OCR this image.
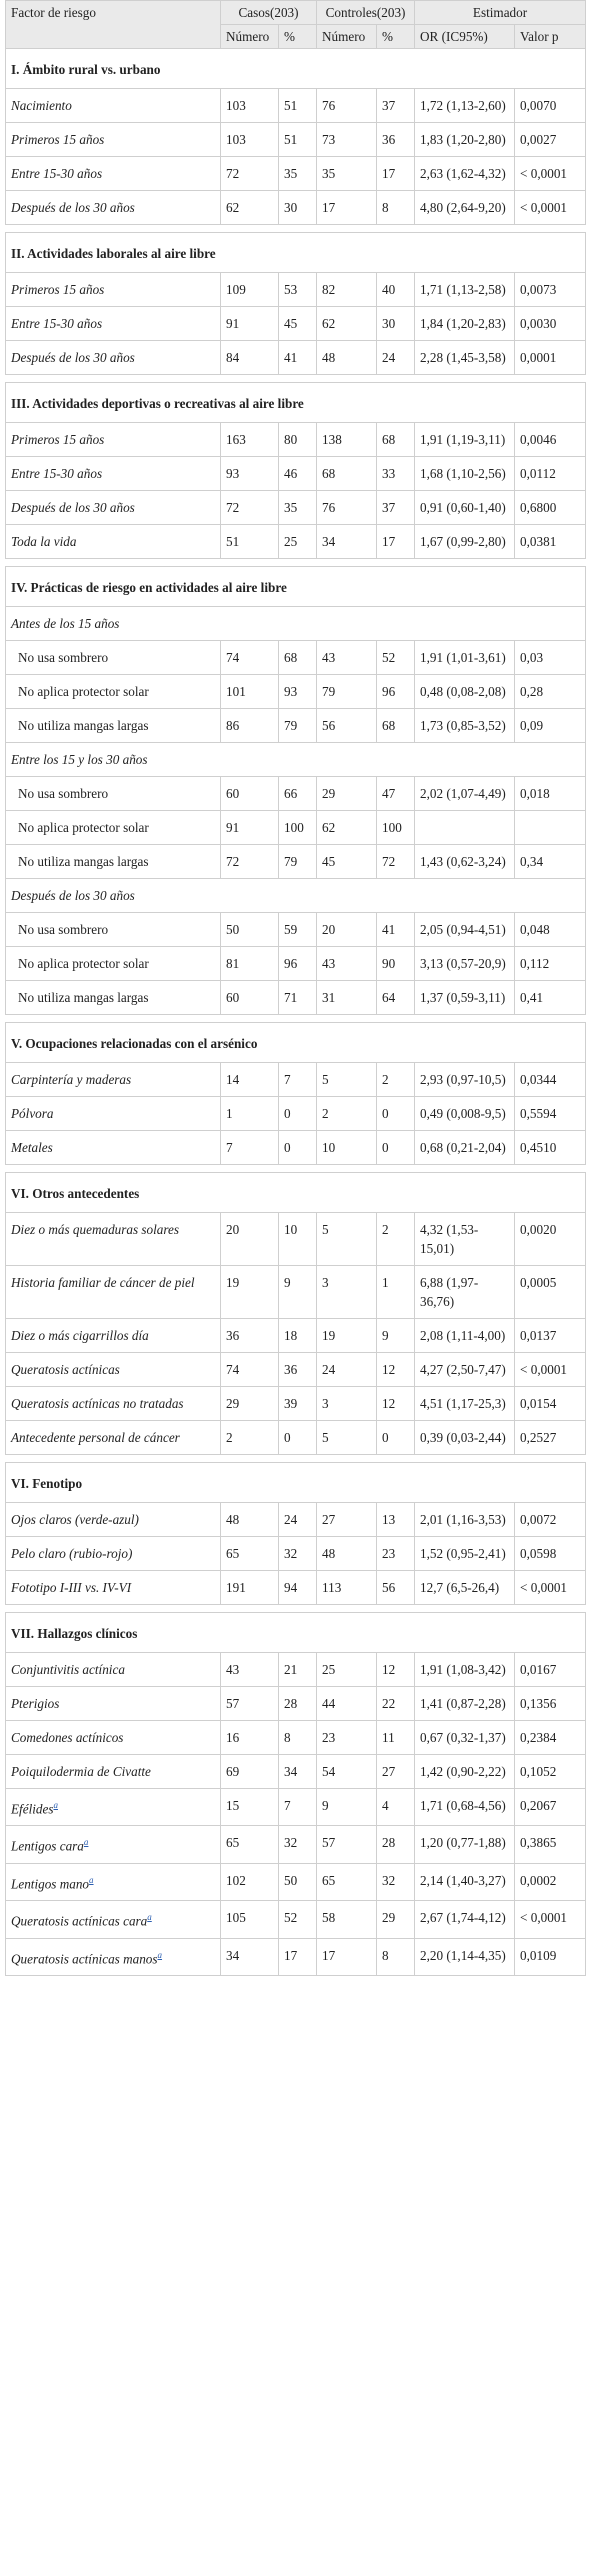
Factor de riesgo	Casos(203)		Controles(203)		Estimador	
	Número	%	Número	%	OR (IC95%)	Valor p
I. Ámbito rural vs. urbano						
Nacimiento	103	51	76	37	1,72 (1,13-2,60)	0,0070
Primeros 15 años	103	51	73	36	1,83 (1,20-2,80)	0,0027
Entre 15-30 años	72	35	35	17	2,63 (1,62-4,32)	< 0,0001
Después de los 30 años	62	30	17	8	4,80 (2,64-9,20)	< 0,0001

II. Actividades laborales al aire libre						
Primeros 15 años	109	53	82	40	1,71 (1,13-2,58)	0,0073
Entre 15-30 años	91	45	62	30	1,84 (1,20-2,83)	0,0030
Después de los 30 años	84	41	48	24	2,28 (1,45-3,58)	0,0001

III. Actividades deportivas o recreativas al aire libre						
Primeros 15 años	163	80	138	68	1,91 (1,19-3,11)	0,0046
Entre 15-30 años	93	46	68	33	1,68 (1,10-2,56)	0,0112
Después de los 30 años	72	35	76	37	0,91 (0,60-1,40)	0,6800
Toda la vida	51	25	34	17	1,67 (0,99-2,80)	0,0381

IV. Prácticas de riesgo en actividades al aire libre						
Antes de los 15 años						
No usa sombrero	74	68	43	52	1,91 (1,01-3,61)	0,03
No aplica protector solar	101	93	79	96	0,48 (0,08-2,08)	0,28
No utiliza mangas largas	86	79	56	68	1,73 (0,85-3,52)	0,09
Entre los 15 y los 30 años						
No usa sombrero	60	66	29	47	2,02 (1,07-4,49)	0,018
No aplica protector solar	91	100	62	100		
No utiliza mangas largas	72	79	45	72	1,43 (0,62-3,24)	0,34
Después de los 30 años						
No usa sombrero	50	59	20	41	2,05 (0,94-4,51)	0,048
No aplica protector solar	81	96	43	90	3,13 (0,57-20,9)	0,112
No utiliza mangas largas	60	71	31	64	1,37 (0,59-3,11)	0,41

V. Ocupaciones relacionadas con el arsénico						
Carpintería y maderas	14	7	5	2	2,93 (0,97-10,5)	0,0344
Pólvora	1	0	2	0	0,49 (0,008-9,5)	0,5594
Metales	7	0	10	0	0,68 (0,21-2,04)	0,4510

VI. Otros antecedentes						
Diez o más quemaduras solares	20	10	5	2	4,32 (1,53-15,01)	0,0020
Historia familiar de cáncer de piel	19	9	3	1	6,88 (1,97-36,76)	0,0005
Diez o más cigarrillos día	36	18	19	9	2,08 (1,11-4,00)	0,0137
Queratosis actínicas	74	36	24	12	4,27 (2,50-7,47)	< 0,0001
Queratosis actínicas no tratadas	29	39	3	12	4,51 (1,17-25,3)	0,0154
Antecedente personal de cáncer	2	0	5	0	0,39 (0,03-2,44)	0,2527

VI. Fenotipo						
Ojos claros (verde-azul)	48	24	27	13	2,01 (1,16-3,53)	0,0072
Pelo claro (rubio-rojo)	65	32	48	23	1,52 (0,95-2,41)	0,0598
Fototipo I-III vs. IV-VI	191	94	113	56	12,7 (6,5-26,4)	< 0,0001

VII. Hallazgos clínicos						
Conjuntivitis actínica	43	21	25	12	1,91 (1,08-3,42)	0,0167
Pterigios	57	28	44	22	1,41 (0,87-2,28)	0,1356
Comedones actínicos	16	8	23	11	0,67 (0,32-1,37)	0,2384
Poiquilodermia de Civatte	69	34	54	27	1,42 (0,90-2,22)	0,1052
Efélides$^a$	15	7	9	4	1,71 (0,68-4,56)	0,2067
Lentigos cara$^a$	65	32	57	28	1,20 (0,77-1,88)	0,3865
Lentigos mano$^a$	102	50	65	32	2,14 (1,40-3,27)	0,0002
Queratosis actínicas cara$^a$	105	52	58	29	2,67 (1,74-4,12)	< 0,0001
Queratosis actínicas manos$^a$	34	17	17	8	2,20 (1,14-4,35)	0,0109
